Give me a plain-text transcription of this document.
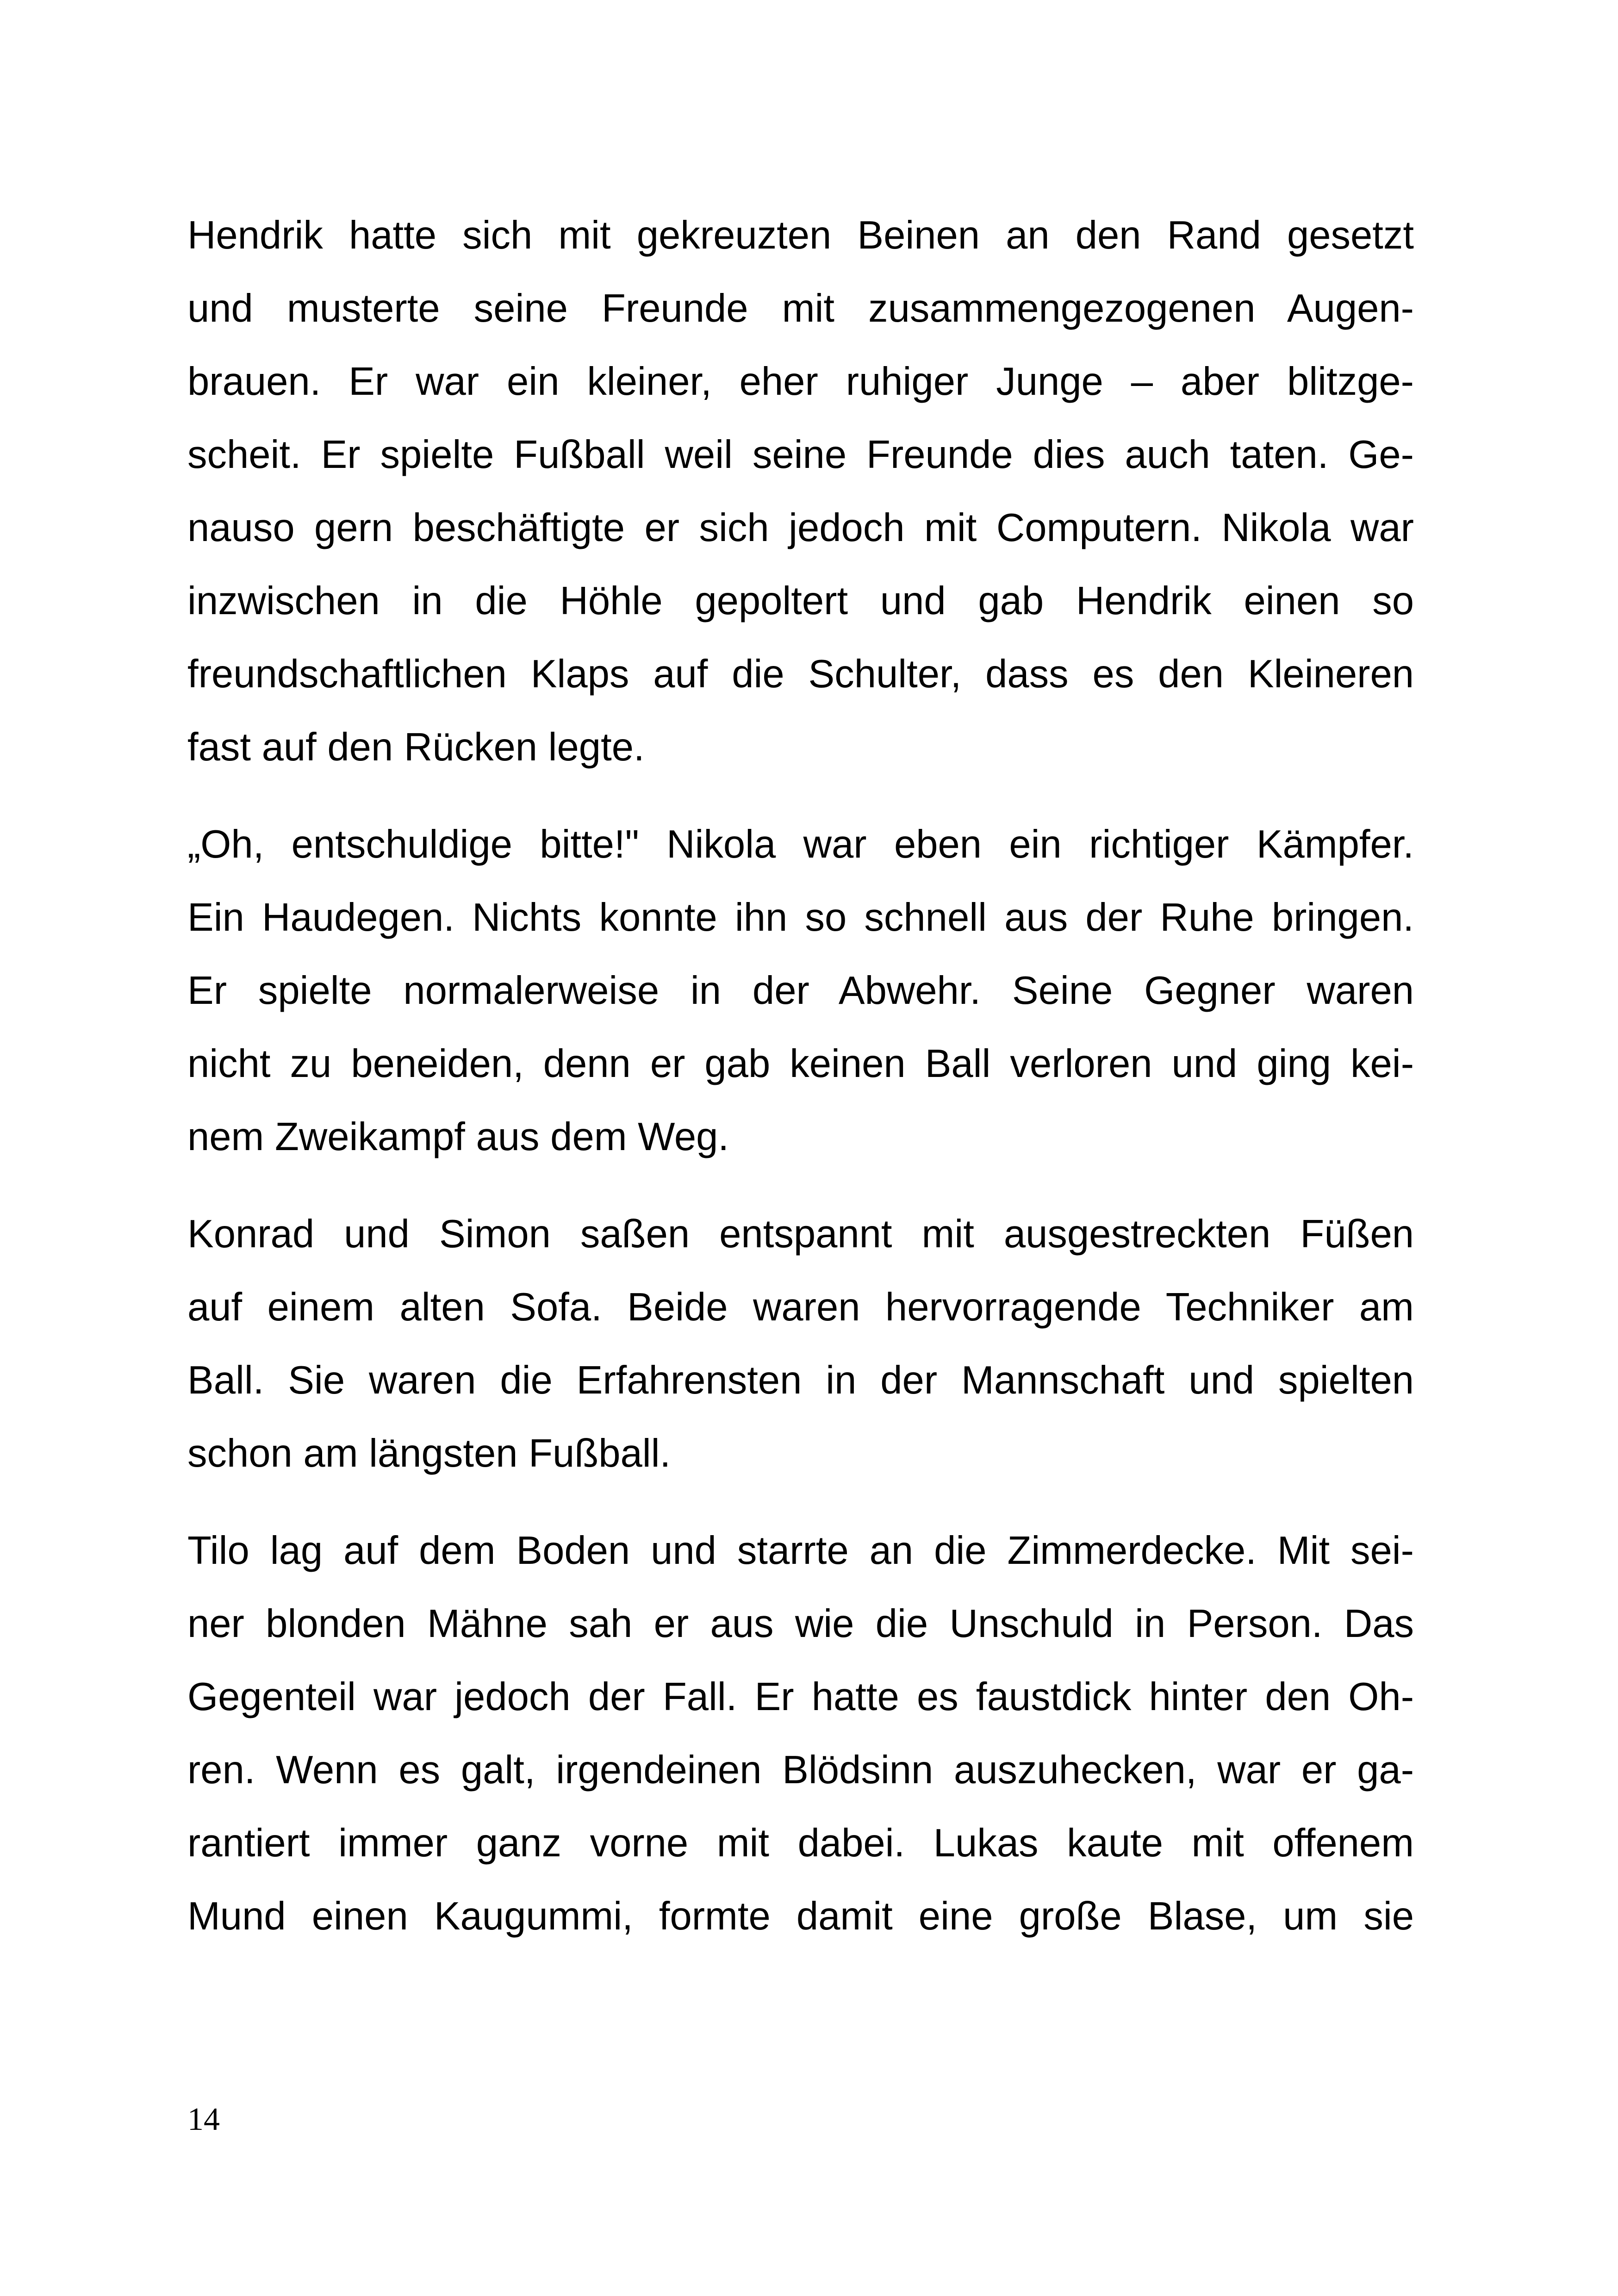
Hendrik hatte sich mit gekreuzten Beinen an den Rand gesetzt
und musterte seine Freunde mit zusammengezogenen Augen-
brauen. Er war ein kleiner, eher ruhiger Junge – aber blitzge-
scheit. Er spielte Fußball weil seine Freunde dies auch taten. Ge-
nauso gern beschäftigte er sich jedoch mit Computern. Nikola war
inzwischen in die Höhle gepoltert und gab Hendrik einen so
freundschaftlichen Klaps auf die Schulter, dass es den Kleineren
fast auf den Rücken legte.

„Oh, entschuldige bitte!" Nikola war eben ein richtiger Kämpfer.
Ein Haudegen. Nichts konnte ihn so schnell aus der Ruhe bringen.
Er spielte normalerweise in der Abwehr. Seine Gegner waren
nicht zu beneiden, denn er gab keinen Ball verloren und ging kei-
nem Zweikampf aus dem Weg.

Konrad und Simon saßen entspannt mit ausgestreckten Füßen
auf einem alten Sofa. Beide waren hervorragende Techniker am
Ball. Sie waren die Erfahrensten in der Mannschaft und spielten
schon am längsten Fußball.

Tilo lag auf dem Boden und starrte an die Zimmerdecke. Mit sei-
ner blonden Mähne sah er aus wie die Unschuld in Person. Das
Gegenteil war jedoch der Fall. Er hatte es faustdick hinter den Oh-
ren. Wenn es galt, irgendeinen Blödsinn auszuhecken, war er ga-
rantiert immer ganz vorne mit dabei. Lukas kaute mit offenem
Mund einen Kaugummi, formte damit eine große Blase, um sie

14
